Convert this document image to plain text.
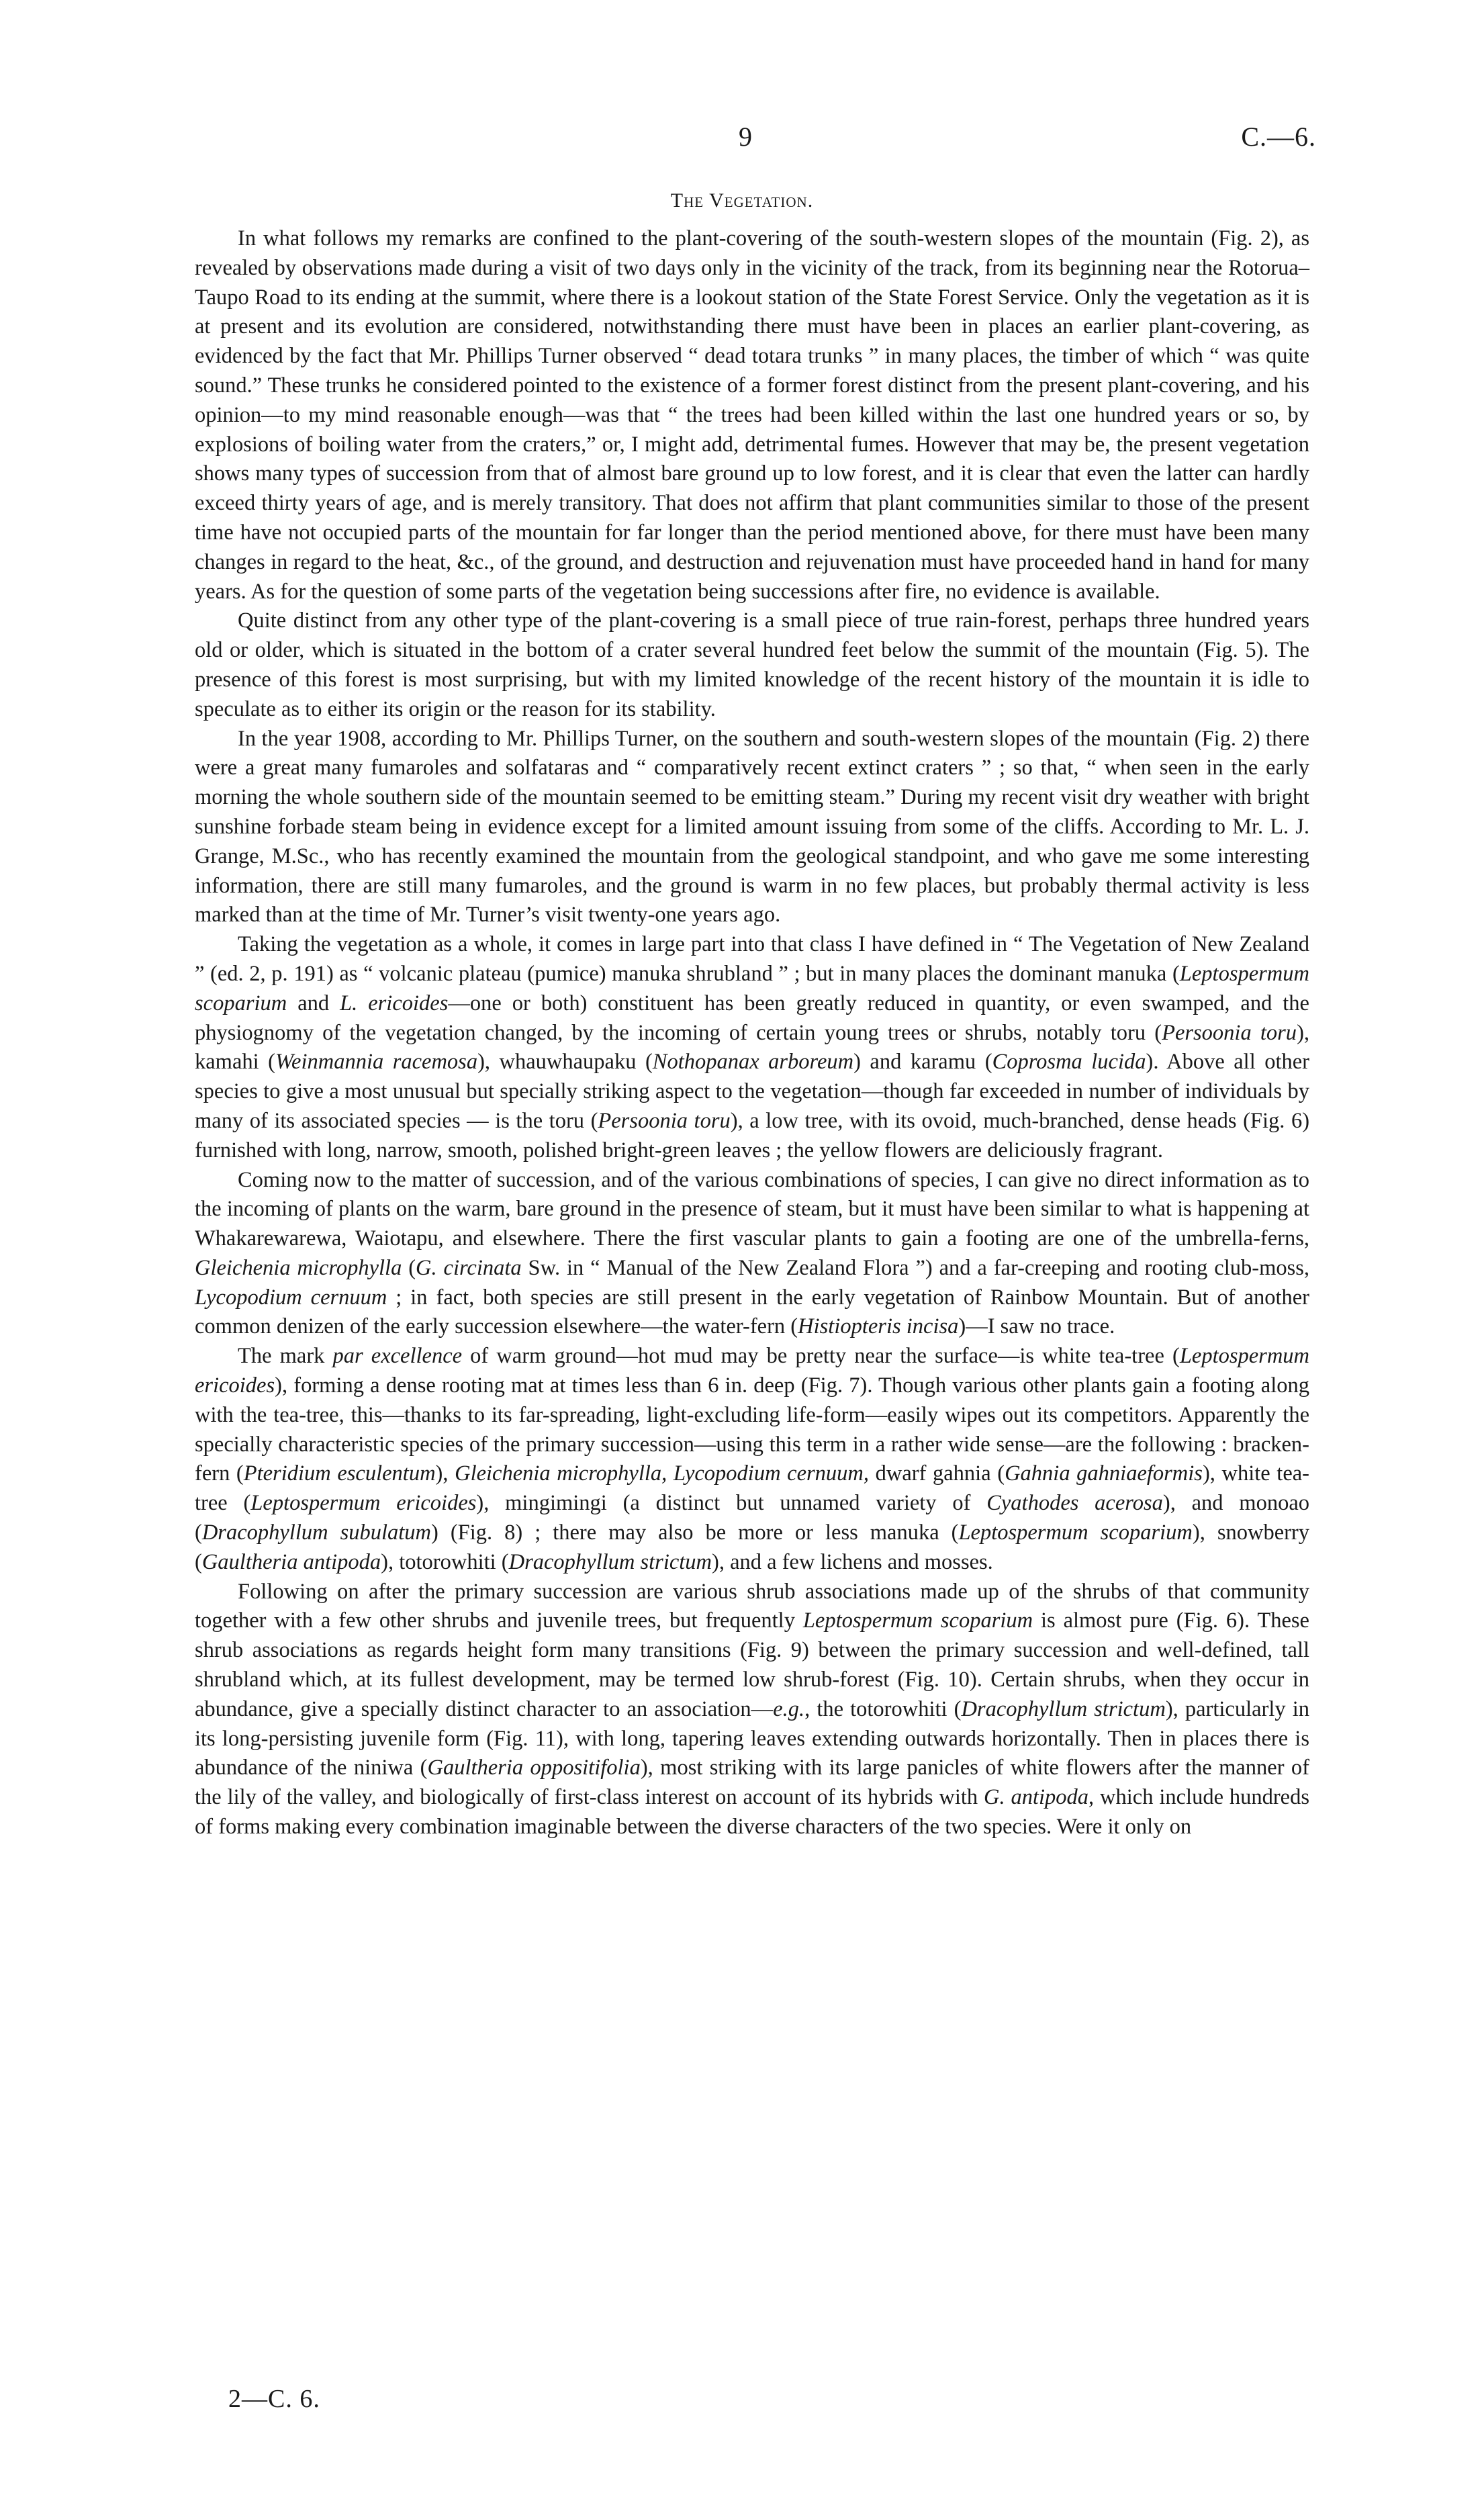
9	C.—6.
The Vegetation.

In what follows my remarks are confined to the plant-covering of the south-western slopes of the mountain (Fig. 2), as revealed by observations made during a visit of two days only in the vicinity of the track, from its beginning near the Rotorua–Taupo Road to its ending at the summit, where there is a lookout station of the State Forest Service. Only the vegetation as it is at present and its evolution are considered, notwithstanding there must have been in places an earlier plant-covering, as evidenced by the fact that Mr. Phillips Turner observed “ dead totara trunks ” in many places, the timber of which “ was quite sound.” These trunks he considered pointed to the existence of a former forest distinct from the present plant-covering, and his opinion—to my mind reasonable enough—was that “ the trees had been killed within the last one hundred years or so, by explosions of boiling water from the craters,” or, I might add, detrimental fumes. However that may be, the present vegetation shows many types of succession from that of almost bare ground up to low forest, and it is clear that even the latter can hardly exceed thirty years of age, and is merely transitory. That does not affirm that plant communities similar to those of the present time have not occupied parts of the mountain for far longer than the period mentioned above, for there must have been many changes in regard to the heat, &c., of the ground, and destruction and rejuvenation must have proceeded hand in hand for many years. As for the question of some parts of the vegetation being successions after fire, no evidence is available.

Quite distinct from any other type of the plant-covering is a small piece of true rain-forest, perhaps three hundred years old or older, which is situated in the bottom of a crater several hundred feet below the summit of the mountain (Fig. 5). The presence of this forest is most surprising, but with my limited knowledge of the recent history of the mountain it is idle to speculate as to either its origin or the reason for its stability.

In the year 1908, according to Mr. Phillips Turner, on the southern and south-western slopes of the mountain (Fig. 2) there were a great many fumaroles and solfataras and “ comparatively recent extinct craters ” ; so that, “ when seen in the early morning the whole southern side of the mountain seemed to be emitting steam.” During my recent visit dry weather with bright sunshine forbade steam being in evidence except for a limited amount issuing from some of the cliffs. According to Mr. L. J. Grange, M.Sc., who has recently examined the mountain from the geological standpoint, and who gave me some interesting information, there are still many fumaroles, and the ground is warm in no few places, but probably thermal activity is less marked than at the time of Mr. Turner’s visit twenty-one years ago.

Taking the vegetation as a whole, it comes in large part into that class I have defined in “ The Vegetation of New Zealand ” (ed. 2, p. 191) as “ volcanic plateau (pumice) manuka shrubland ” ; but in many places the dominant manuka (Leptospermum scoparium and L. ericoides—one or both) constituent has been greatly reduced in quantity, or even swamped, and the physiognomy of the vegetation changed, by the incoming of certain young trees or shrubs, notably toru (Persoonia toru), kamahi (Weinmannia racemosa), whauwhaupaku (Nothopanax arboreum) and karamu (Coprosma lucida). Above all other species to give a most unusual but specially striking aspect to the vegetation—though far exceeded in number of individuals by many of its associated species — is the toru (Persoonia toru), a low tree, with its ovoid, much-branched, dense heads (Fig. 6) furnished with long, narrow, smooth, polished bright-green leaves ; the yellow flowers are deliciously fragrant.

Coming now to the matter of succession, and of the various combinations of species, I can give no direct information as to the incoming of plants on the warm, bare ground in the presence of steam, but it must have been similar to what is happening at Whakarewarewa, Waiotapu, and elsewhere. There the first vascular plants to gain a footing are one of the umbrella-ferns, Gleichenia microphylla (G. circinata Sw. in “ Manual of the New Zealand Flora ”) and a far-creeping and rooting club-moss, Lycopodium cernuum ; in fact, both species are still present in the early vegetation of Rainbow Mountain. But of another common denizen of the early succession elsewhere—the water-fern (Histiopteris incisa)—I saw no trace.

The mark par excellence of warm ground—hot mud may be pretty near the surface—is white tea-tree (Leptospermum ericoides), forming a dense rooting mat at times less than 6 in. deep (Fig. 7). Though various other plants gain a footing along with the tea-tree, this—thanks to its far-spreading, light-excluding life-form—easily wipes out its competitors. Apparently the specially characteristic species of the primary succession—using this term in a rather wide sense—are the following : bracken-fern (Pteridium esculentum), Gleichenia microphylla, Lycopodium cernuum, dwarf gahnia (Gahnia gahniaeformis), white tea-tree (Leptospermum ericoides), mingimingi (a distinct but unnamed variety of Cyathodes acerosa), and monoao (Dracophyllum subulatum) (Fig. 8) ; there may also be more or less manuka (Leptospermum scoparium), snowberry (Gaultheria antipoda), totorowhiti (Dracophyllum strictum), and a few lichens and mosses.

Following on after the primary succession are various shrub associations made up of the shrubs of that community together with a few other shrubs and juvenile trees, but frequently Leptospermum scoparium is almost pure (Fig. 6). These shrub associations as regards height form many transitions (Fig. 9) between the primary succession and well-defined, tall shrubland which, at its fullest development, may be termed low shrub-forest (Fig. 10). Certain shrubs, when they occur in abundance, give a specially distinct character to an association—e.g., the totorowhiti (Dracophyllum strictum), particularly in its long-persisting juvenile form (Fig. 11), with long, tapering leaves extending outwards horizontally. Then in places there is abundance of the niniwa (Gaultheria oppositifolia), most striking with its large panicles of white flowers after the manner of the lily of the valley, and biologically of first-class interest on account of its hybrids with G. antipoda, which include hundreds of forms making every combination imaginable between the diverse characters of the two species. Were it only on

2—C. 6.
